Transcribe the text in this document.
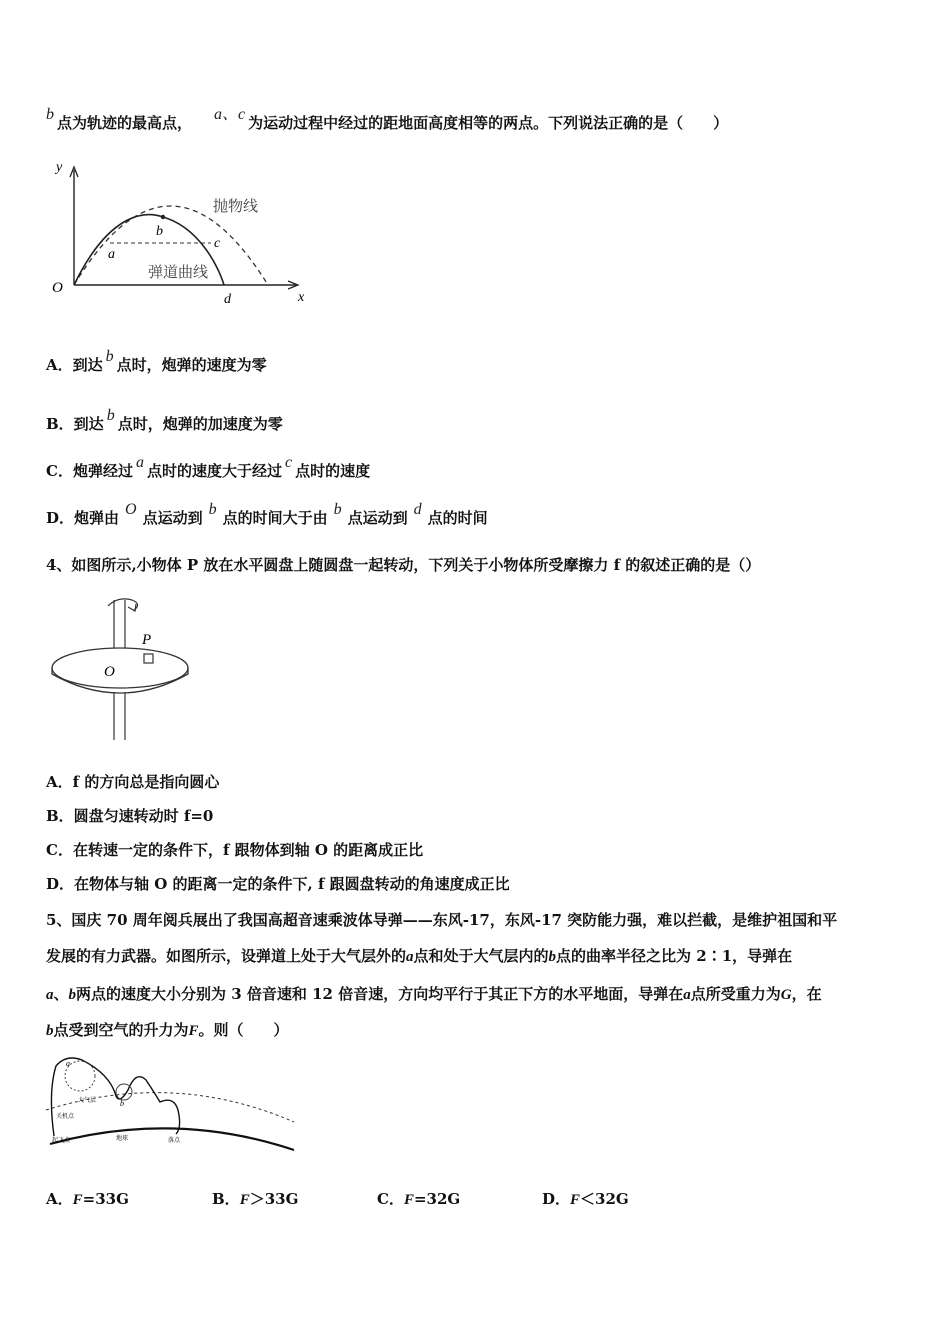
b 点为轨迹的最高点， a、c 为运动过程中经过的距地面高度相等的两点。下列说法正确的是（　　）
y
x
O
抛物线
弹道曲线
a
b
c
d
A．到达 b 点时，炮弹的速度为零
B．到达 b 点时，炮弹的加速度为零
C．炮弹经过 a 点时的速度大于经过 c 点时的速度
D．炮弹由 O 点运动到 b 点的时间大于由 b 点运动到 d 点的时间
4、如图所示,小物体 P 放在水平圆盘上随圆盘一起转动，下列关于小物体所受摩擦力 f 的叙述正确的是（）
P
O
A．f 的方向总是指向圆心
B．圆盘匀速转动时 f=0
C．在转速一定的条件下，f 跟物体到轴 O 的距离成正比
D．在物体与轴 O 的距离一定的条件下, f 跟圆盘转动的角速度成正比
5、国庆 70 周年阅兵展出了我国高超音速乘波体导弹——东风-17，东风-17 突防能力强，难以拦截，是维护祖国和平
发展的有力武器。如图所示，设弹道上处于大气层外的a点和处于大气层内的b点的曲率半径之比为 2∶1，导弹在
a、b两点的速度大小分别为 3 倍音速和 12 倍音速，方向均平行于其正下方的水平地面，导弹在a点所受重力为G，在
b点受到空气的升力为F。则（　　）
a
b
大气层
关机点
起飞点	地球	落点
A．F=33G	B．F＞33G	C．F=32G	D．F＜32G
